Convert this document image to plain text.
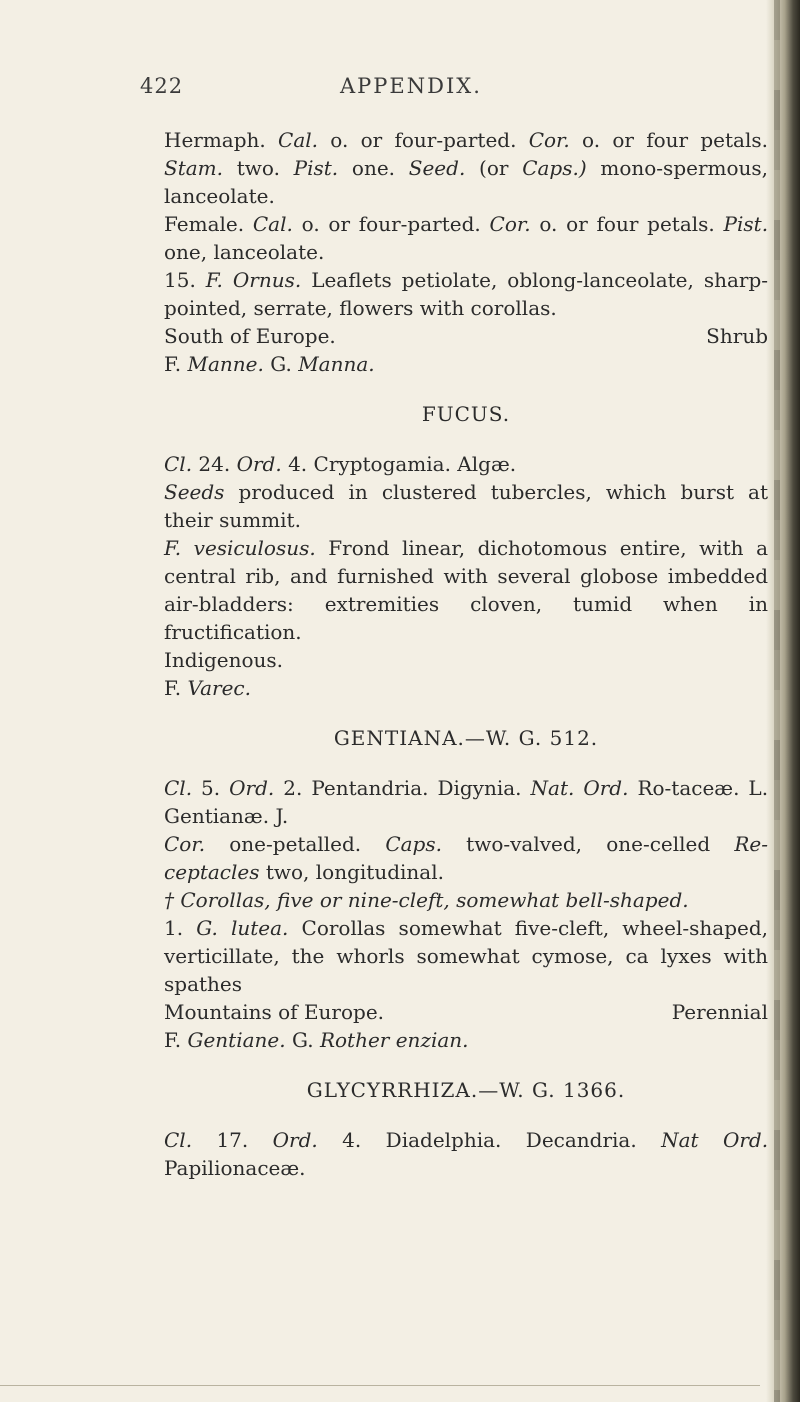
422	APPENDIX.

Hermaph. Cal. o. or four-parted. Cor. o. or four petals. Stam. two. Pist. one. Seed. (or Caps.) mono-spermous, lanceolate.

Female. Cal. o. or four-parted. Cor. o. or four petals. Pist. one, lanceolate.

15. F. Ornus. Leaflets petiolate, oblong-lanceolate, sharp-pointed, serrate, flowers with corollas.

South of Europe.	Shrub

F. Manne. G. Manna.

FUCUS.

Cl. 24. Ord. 4. Cryptogamia. Algæ.

Seeds produced in clustered tubercles, which burst at their summit.

F. vesiculosus. Frond linear, dichotomous entire, with a central rib, and furnished with several globose imbedded air-bladders: extremities cloven, tumid when in fructification.

Indigenous.

F. Varec.

GENTIANA.—W. G. 512.

Cl. 5. Ord. 2. Pentandria. Digynia. Nat. Ord. Ro-taceæ. L. Gentianæ. J.

Cor. one-petalled. Caps. two-valved, one-celled Re-ceptacles two, longitudinal.

† Corollas, five or nine-cleft, somewhat bell-shaped.

1. G. lutea. Corollas somewhat five-cleft, wheel-shaped, verticillate, the whorls somewhat cymose, ca lyxes with spathes

Mountains of Europe.	Perennial

F. Gentiane. G. Rother enzian.

GLYCYRRHIZA.—W. G. 1366.

Cl. 17. Ord. 4. Diadelphia. Decandria. Nat Ord. Papilionaceæ.
